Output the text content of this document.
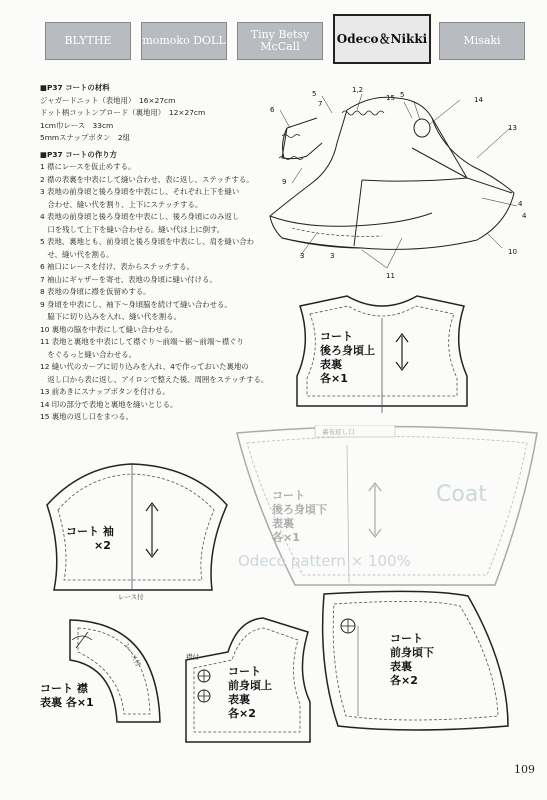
BLYTHE	momoko DOLL	Tiny Betsy McCall
Odeco＆Nikki	Misaki
■P37 コートの材料
ジャガードニット（表地用）　16×27cm
ドット柄コットンブロード（裏地用）　12×27cm
1cm巾レース　33cm
5mmスナップボタン　2組
■P37 コートの作り方
1 襟にレースを仮止めする。
2 襟の表裏を中表にして縫い合わせ、表に返し、ステッチする。
3 表地の前身頃と後ろ身頃を中表にし、それぞれ上下を縫い
　合わせ、縫い代を割り、上下にステッチする。
4 表地の前身頃と後ろ身頃を中表にし、後ろ身頃にのみ返し
　口を残して上下を縫い合わせる。縫い代は上に倒す。
5 表地、裏地とも、前身頃と後ろ身頃を中表にし、肩を縫い合わ
　せ、縫い代を割る。
6 袖口にレースを付け、表からステッチする。
7 袖山にギャザーを寄せ、表地の身頃に縫い付ける。
8 表地の身頃に襟を仮留めする。
9 身頃を中表にし、袖下〜身頃脇を続けて縫い合わせる。
　脇下に切り込みを入れ、縫い代を割る。
10 裏地の脇を中表にして縫い合わせる。
11 表地と裏地を中表にして襟ぐり〜前端〜裾〜前端〜襟ぐり
　をぐるっと縫い合わせる。
12 縫い代のカーブに切り込みを入れ、4で作っておいた裏地の
　返し口から表に返し、アイロンで整えた後、周囲をステッチする。
13 前あきにスナップボタンを付ける。
14 印の部分で表地と裏地を縫いとじる。
15 裏地の返し口をまつる。
5
7
1,2
15 5
14
6
13
9
4
3	3
11
10
4
コート
後ろ身頃上
表裏
各×1
裏布返し口
コート
後ろ身頃下
表裏
各×1
Coat
Odeco pattern × 100%
コート 袖
×2
レース付
レース付
コート 襟
表裏 各×1
襟付
コート
前身頃上
表裏
各×2
コート
前身頃下
表裏
各×2
109
